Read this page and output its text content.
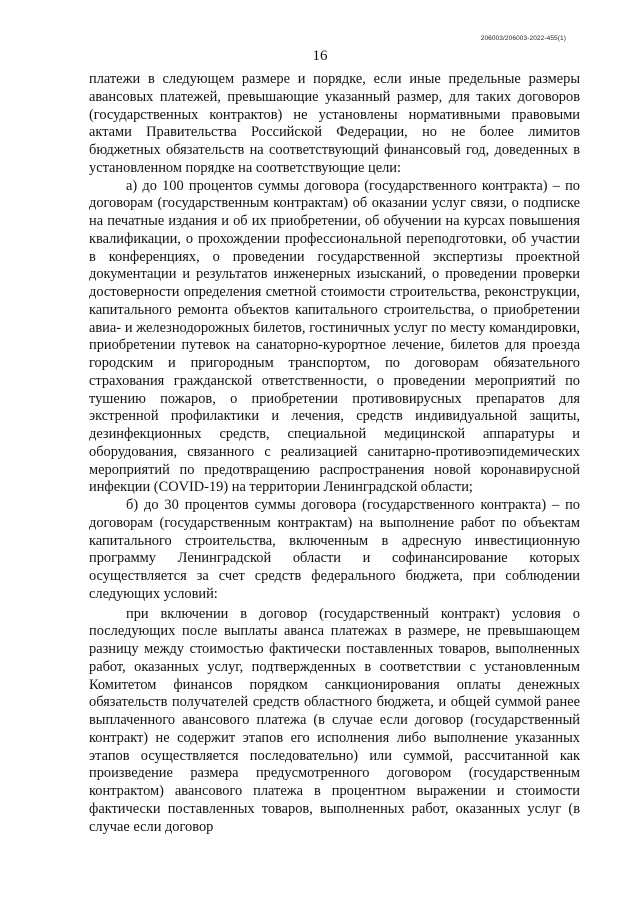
206003/206003-2022-455(1)
16

платежи в следующем размере и порядке, если иные предельные размеры авансовых платежей, превышающие указанный размер, для таких договоров (государственных контрактов) не установлены нормативными правовыми актами Правительства Российской Федерации, но не более лимитов бюджетных обязательств на соответствующий финансовый год, доведенных в установленном порядке на соответствующие цели:

а) до 100 процентов суммы договора (государственного контракта) – по договорам (государственным контрактам) об оказании услуг связи, о подписке на печатные издания и об их приобретении, об обучении на курсах повышения квалификации, о прохождении профессиональной переподготовки, об участии в конференциях, о проведении государственной экспертизы проектной документации и результатов инженерных изысканий, о проведении проверки достоверности определения сметной стоимости строительства, реконструкции, капитального ремонта объектов капитального строительства, о приобретении авиа- и железнодорожных билетов, гостиничных услуг по месту командировки, приобретении путевок на санаторно-курортное лечение, билетов для проезда городским и пригородным транспортом, по договорам обязательного страхования гражданской ответственности, о проведении мероприятий по тушению пожаров, о приобретении противовирусных препаратов для экстренной профилактики и лечения, средств индивидуальной защиты, дезинфекционных средств, специальной медицинской аппаратуры и оборудования, связанного с реализацией санитарно-противоэпидемических мероприятий по предотвращению распространения новой коронавирусной инфекции (COVID-19) на территории Ленинградской области;

б) до 30 процентов суммы договора (государственного контракта) – по договорам (государственным контрактам) на выполнение работ по объектам капитального строительства, включенным в адресную инвестиционную программу Ленинградской области и софинансирование которых осуществляется за счет средств федерального бюджета, при соблюдении следующих условий:

при включении в договор (государственный контракт) условия о последующих после выплаты аванса платежах в размере, не превышающем разницу между стоимостью фактически поставленных товаров, выполненных работ, оказанных услуг, подтвержденных в соответствии с установленным Комитетом финансов порядком санкционирования оплаты денежных обязательств получателей средств областного бюджета, и общей суммой ранее выплаченного авансового платежа (в случае если договор (государственный контракт) не содержит этапов его исполнения либо выполнение указанных этапов осуществляется последовательно) или суммой, рассчитанной как произведение размера предусмотренного договором (государственным контрактом) авансового платежа в процентном выражении и стоимости фактически поставленных товаров, выполненных работ, оказанных услуг (в случае если договор
